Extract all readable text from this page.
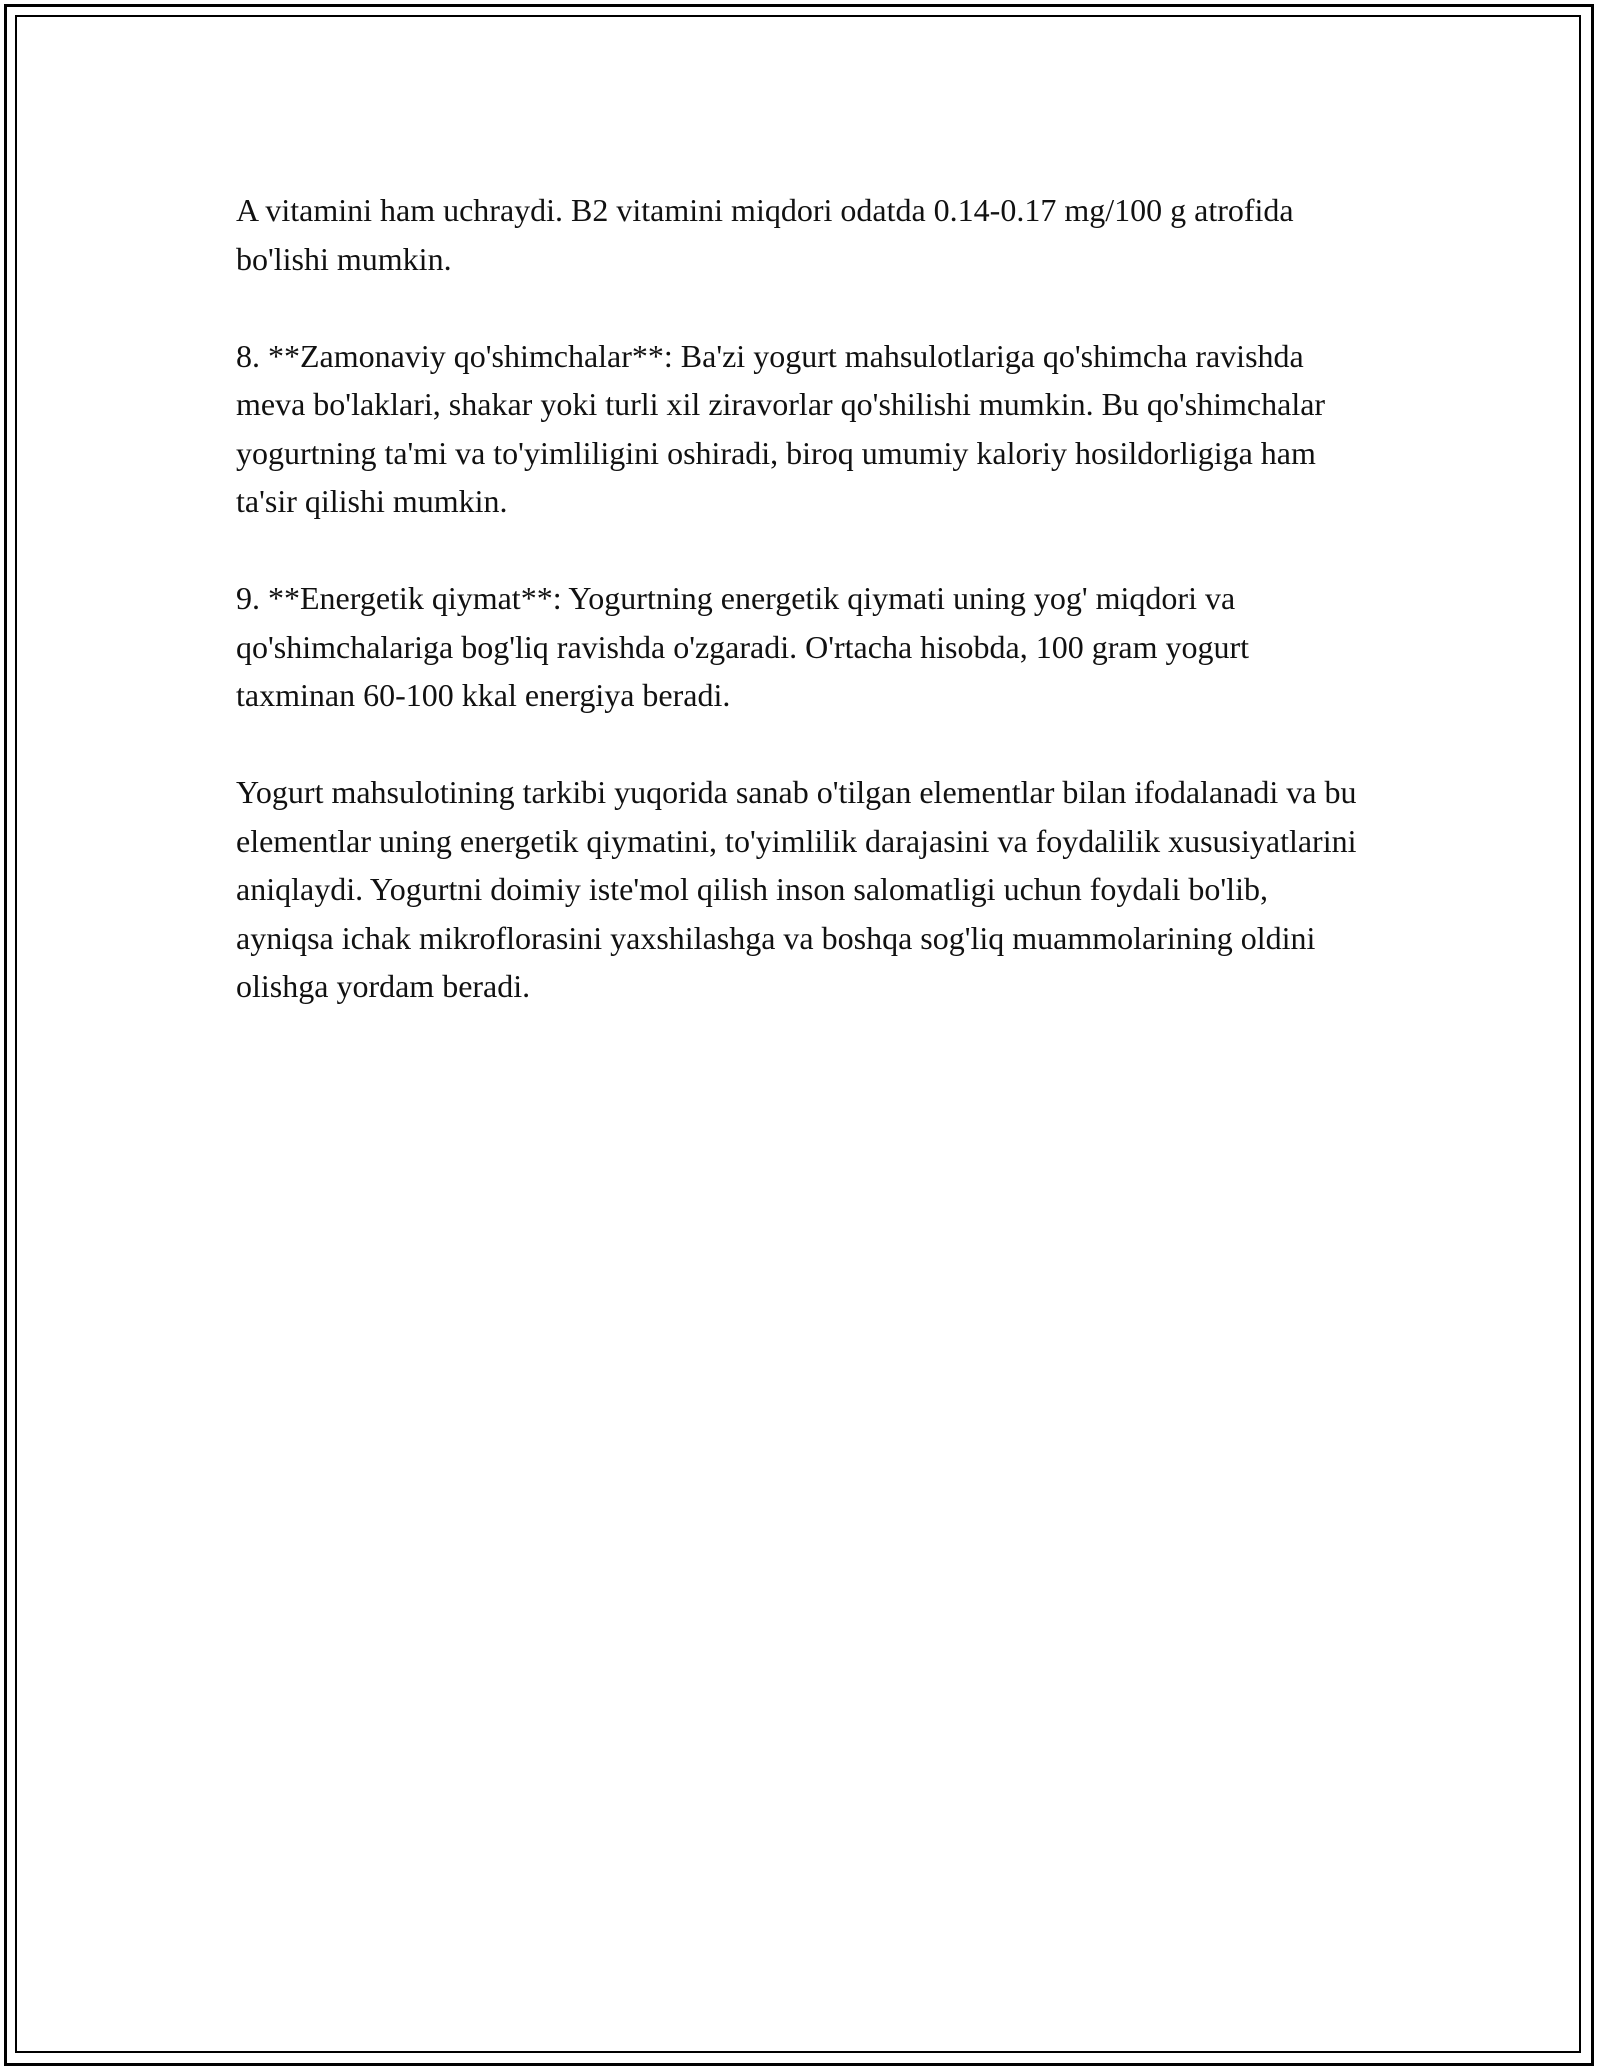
A vitamini ham uchraydi. B2 vitamini miqdori odatda 0.14-0.17 mg/100 g atrofida bo'lishi mumkin.

8. **Zamonaviy qo'shimchalar**: Ba'zi yogurt mahsulotlariga qo'shimcha ravishda meva bo'laklari, shakar yoki turli xil ziravorlar qo'shilishi mumkin. Bu qo'shimchalar yogurtning ta'mi va to'yimliligini oshiradi, biroq umumiy kaloriy hosildorligiga ham ta'sir qilishi mumkin.

9. **Energetik qiymat**: Yogurtning energetik qiymati uning yog' miqdori va qo'shimchalariga bog'liq ravishda o'zgaradi. O'rtacha hisobda, 100 gram yogurt taxminan 60-100 kkal energiya beradi.

Yogurt mahsulotining tarkibi yuqorida sanab o'tilgan elementlar bilan ifodalanadi va bu elementlar uning energetik qiymatini, to'yimlilik darajasini va foydalilik xususiyatlarini aniqlaydi. Yogurtni doimiy iste'mol qilish inson salomatligi uchun foydali bo'lib, ayniqsa ichak mikroflorasini yaxshilashga va boshqa sog'liq muammolarining oldini olishga yordam beradi.
